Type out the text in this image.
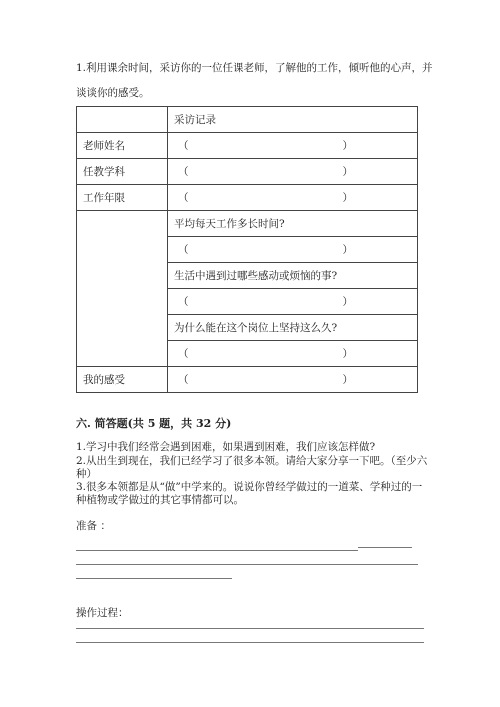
1.利用课余时间，采访你的一位任课老师，了解他的工作，倾听他的心声，并
谈谈你的感受。
	采访记录
老师姓名	（ ）

任教学科	（ ）

工作年限	（ ）

	平均每天工作多长时间?

	（ ）

	生活中遇到过哪些感动或烦恼的事?

	（ ）

	为什么能在这个岗位上坚持这么久?

	（ ）

我的感受	（ ）
六. 简答题(共 5 题，共 32 分)
1.学习中我们经常会遇到困难，如果遇到困难，我们应该怎样做?
2.从出生到现在，我们已经学习了很多本领。请给大家分享一下吧。（至少六
种）
3.很多本领都是从“做”中学来的。说说你曾经学做过的一道菜、学种过的一
种植物或学做过的其它事情都可以。
准备 ：
操作过程：
